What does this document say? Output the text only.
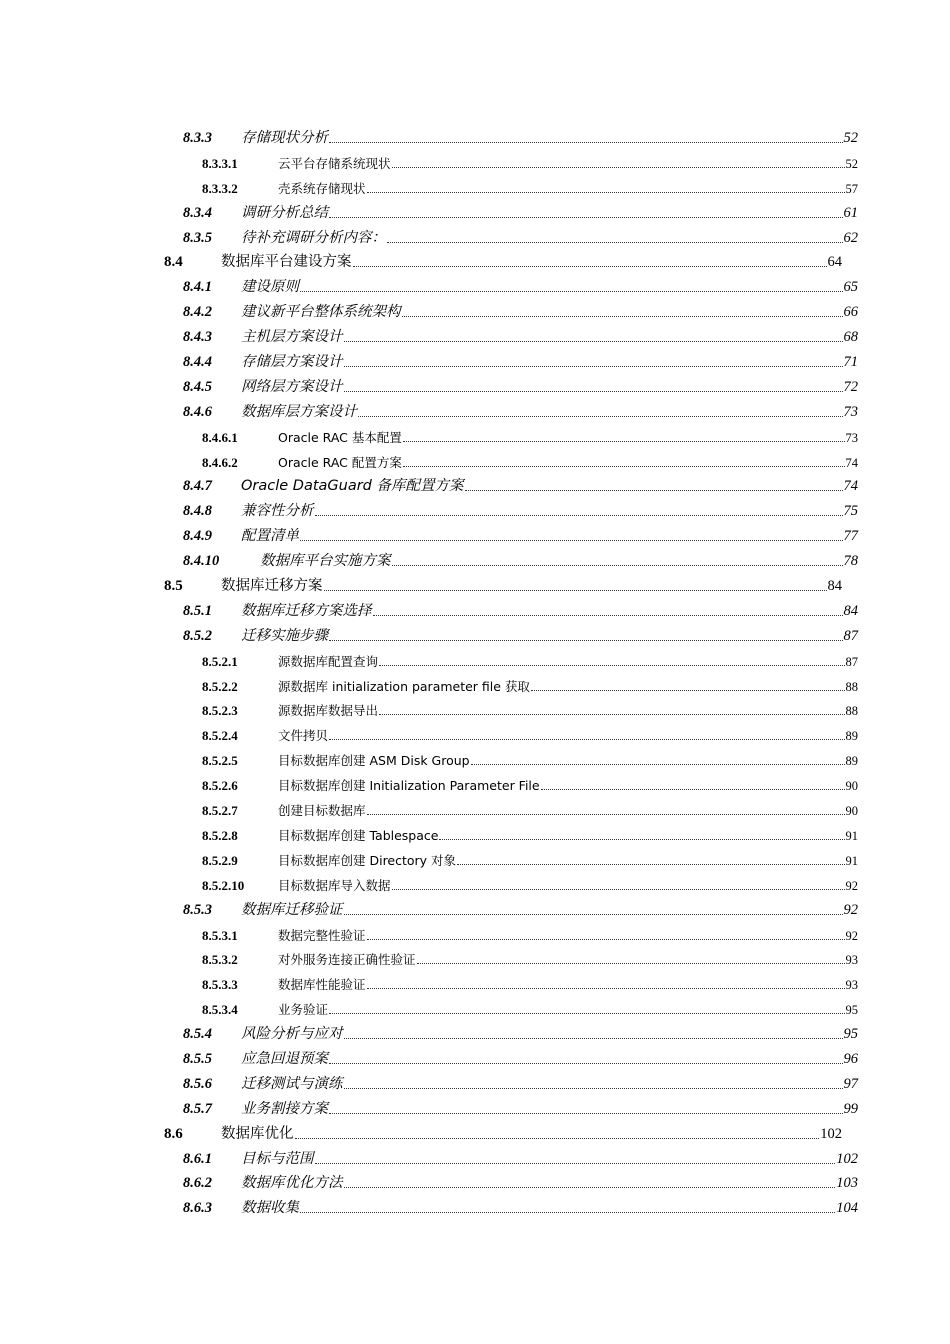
8.3.3	存储现状分析	52
8.3.3.1	云平台存储系统现状	52
8.3.3.2	壳系统存储现状	57
8.3.4	调研分析总结	61
8.3.5	待补充调研分析内容：	62
8.4	数据库平台建设方案	64
8.4.1	建设原则	65
8.4.2	建议新平台整体系统架构	66
8.4.3	主机层方案设计	68
8.4.4	存储层方案设计	71
8.4.5	网络层方案设计	72
8.4.6	数据库层方案设计	73
8.4.6.1	Oracle RAC 基本配置	73
8.4.6.2	Oracle RAC 配置方案	74
8.4.7	Oracle DataGuard 备库配置方案	74
8.4.8	兼容性分析	75
8.4.9	配置清单	77
8.4.10	数据库平台实施方案	78
8.5	数据库迁移方案	84
8.5.1	数据库迁移方案选择	84
8.5.2	迁移实施步骤	87
8.5.2.1	源数据库配置查询	87
8.5.2.2	源数据库 initialization parameter file 获取	88
8.5.2.3	源数据库数据导出	88
8.5.2.4	文件拷贝	89
8.5.2.5	目标数据库创建 ASM Disk Group	89
8.5.2.6	目标数据库创建 Initialization Parameter File	90
8.5.2.7	创建目标数据库	90
8.5.2.8	目标数据库创建 Tablespace	91
8.5.2.9	目标数据库创建 Directory 对象	91
8.5.2.10	目标数据库导入数据	92
8.5.3	数据库迁移验证	92
8.5.3.1	数据完整性验证	92
8.5.3.2	对外服务连接正确性验证	93
8.5.3.3	数据库性能验证	93
8.5.3.4	业务验证	95
8.5.4	风险分析与应对	95
8.5.5	应急回退预案	96
8.5.6	迁移测试与演练	97
8.5.7	业务割接方案	99
8.6	数据库优化	102
8.6.1	目标与范围	102
8.6.2	数据库优化方法	103
8.6.3	数据收集	104
